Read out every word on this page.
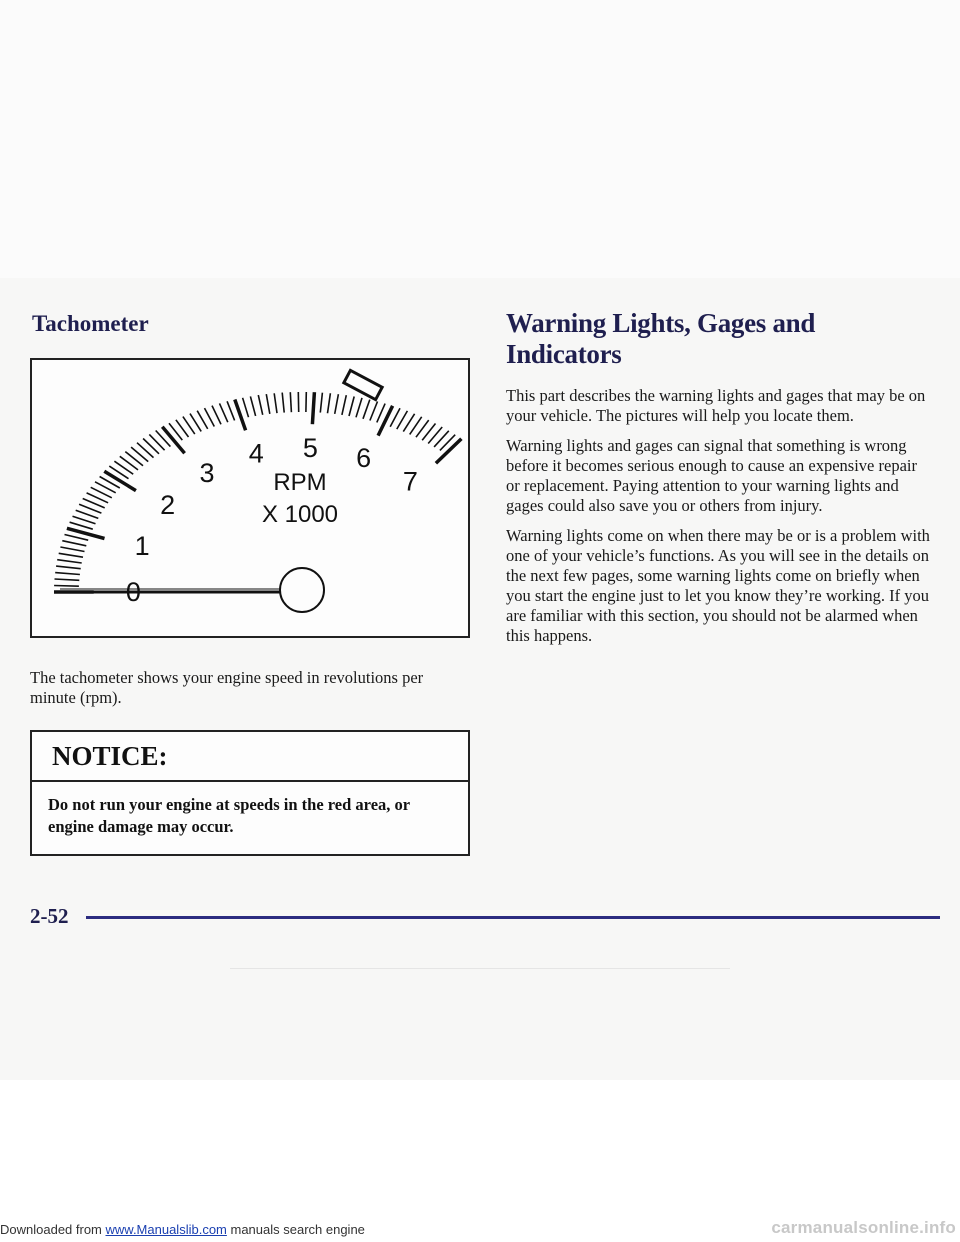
Tachometer
0
1
2
3
4 5 6
7
RPM
X 1000

The tachometer shows your engine speed in revolutions per minute (rpm).

NOTICE:
Do not run your engine at speeds in the red area, or engine damage may occur.
Warning Lights, Gages and Indicators

This part describes the warning lights and gages that may be on your vehicle. The pictures will help you locate them.

Warning lights and gages can signal that something is wrong before it becomes serious enough to cause an expensive repair or replacement. Paying attention to your warning lights and gages could also save you or others from injury.

Warning lights come on when there may be or is a problem with one of your vehicle’s functions. As you will see in the details on the next few pages, some warning lights come on briefly when you start the engine just to let you know they’re working. If you are familiar with this section, you should not be alarmed when this happens.

2-52
Downloaded from www.Manualslib.com manuals search engine	carmanualsonline.info
